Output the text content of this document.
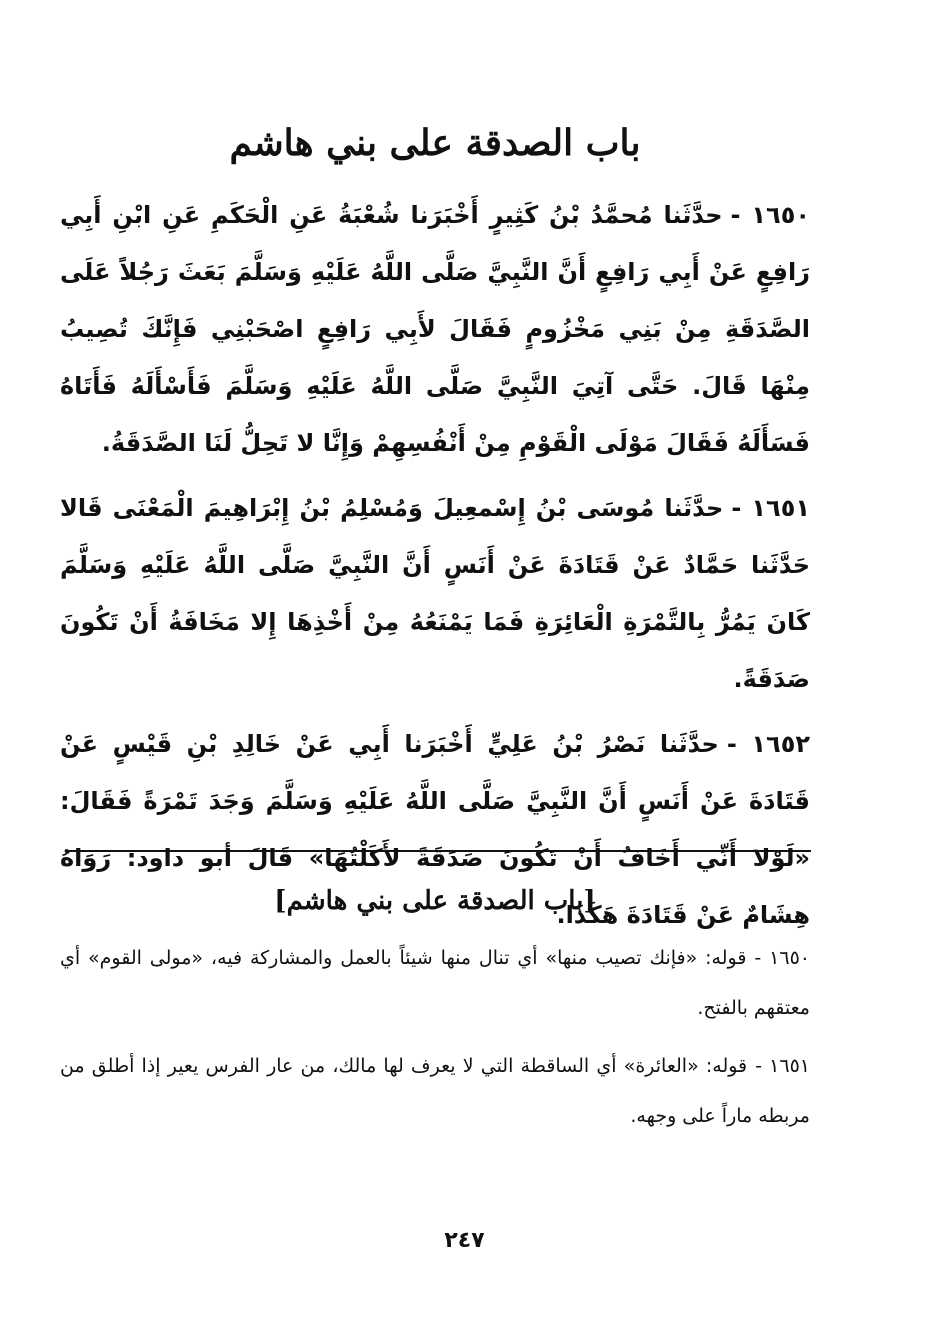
باب الصدقة على بني هاشم

١٦٥٠ -حدَّثَنا مُحمَّدُ بْنُ كَثِيرٍ أَخْبَرَنا شُعْبَةُ عَنِ الْحَكَمِ عَنِ ابْنِ أَبِي رَافِعٍ عَنْ أَبِي رَافِعٍ أَنَّ النَّبِيَّ صَلَّى اللَّهُ عَلَيْهِ وَسَلَّمَ بَعَثَ رَجُلاً عَلَى الصَّدَقَةِ مِنْ بَنِي مَخْزُومٍ فَقَالَ لأَبِي رَافِعٍ اصْحَبْنِي فَإِنَّكَ تُصِيبُ مِنْهَا قَالَ. حَتَّى آتِيَ النَّبِيَّ صَلَّى اللَّهُ عَلَيْهِ وَسَلَّمَ فَأَسْأَلَهُ فَأَتَاهُ فَسَأَلَهُ فَقَالَ مَوْلَى الْقَوْمِ مِنْ أَنْفُسِهِمْ وَإِنَّا لا تَحِلُّ لَنَا الصَّدَقَةُ.

١٦٥١ -حدَّثَنا مُوسَى بْنُ إِسْمعِيلَ وَمُسْلِمُ بْنُ إِبْرَاهِيمَ الْمَعْنَى قَالا حَدَّثَنا حَمَّادٌ عَنْ قَتَادَةَ عَنْ أَنَسٍ أَنَّ النَّبِيَّ صَلَّى اللَّهُ عَلَيْهِ وَسَلَّمَ كَانَ يَمُرُّ بِالتَّمْرَةِ الْعَائِرَةِ فَمَا يَمْنَعُهُ مِنْ أَخْذِهَا إِلا مَخَافَةُ أَنْ تَكُونَ صَدَقَةً.

١٦٥٢ -حدَّثَنا نَصْرُ بْنُ عَلِيٍّ أَخْبَرَنا أَبِي عَنْ خَالِدِ بْنِ قَيْسٍ عَنْ قَتَادَةَ عَنْ أَنَسٍ أَنَّ النَّبِيَّ صَلَّى اللَّهُ عَلَيْهِ وَسَلَّمَ وَجَدَ تَمْرَةً فَقَالَ: «لَوْلا أَنِّي أَخَافُ أَنْ تَكُونَ صَدَقَةً لأَكَلْتُهَا» قَالَ أبو داود: رَوَاهُ هِشَامٌ عَنْ قَتَادَةَ هَكَذَا.

[باب الصدقة على بني هاشم]

١٦٥٠ -قوله: «فإنك تصيب منها» أي تنال منها شيئاً بالعمل والمشاركة فيه، «مولى القوم» أي معتقهم بالفتح.

١٦٥١ -قوله: «العائرة» أي الساقطة التي لا يعرف لها مالك، من عار الفرس يعير إذا أطلق من مربطه ماراً على وجهه.

٢٤٧
